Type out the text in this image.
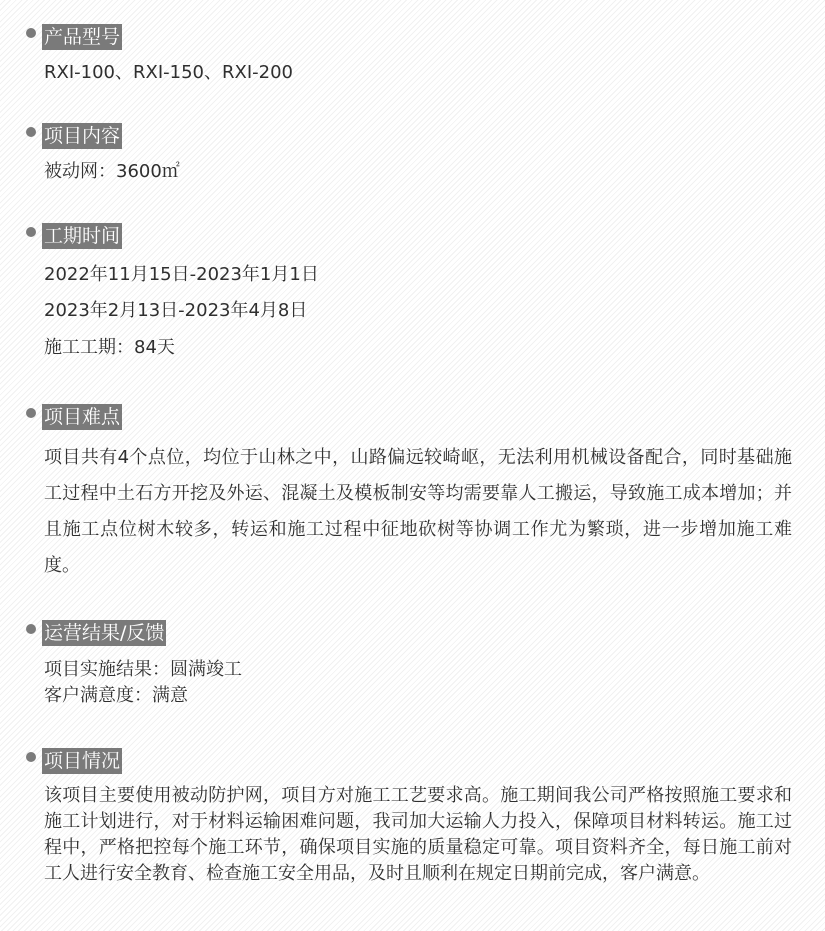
产品型号
RXI-100、RXI-150、RXI-200
项目内容
被动网：3600㎡
工期时间
2022年11月15日-2023年1月1日
2023年2月13日-2023年4月8日
施工工期：84天
项目难点
项目共有4个点位，均位于山林之中，山路偏远较崎岖，无法利用机械设备配合，同时基础施工过程中土石方开挖及外运、混凝土及模板制安等均需要靠人工搬运，导致施工成本增加；并且施工点位树木较多，转运和施工过程中征地砍树等协调工作尤为繁琐，进一步增加施工难度。
运营结果/反馈
项目实施结果：圆满竣工
客户满意度：满意
项目情况
该项目主要使用被动防护网，项目方对施工工艺要求高。施工期间我公司严格按照施工要求和施工计划进行，对于材料运输困难问题，我司加大运输人力投入，保障项目材料转运。施工过程中，严格把控每个施工环节，确保项目实施的质量稳定可靠。项目资料齐全，每日施工前对工人进行安全教育、检查施工安全用品，及时且顺利在规定日期前完成，客户满意。
